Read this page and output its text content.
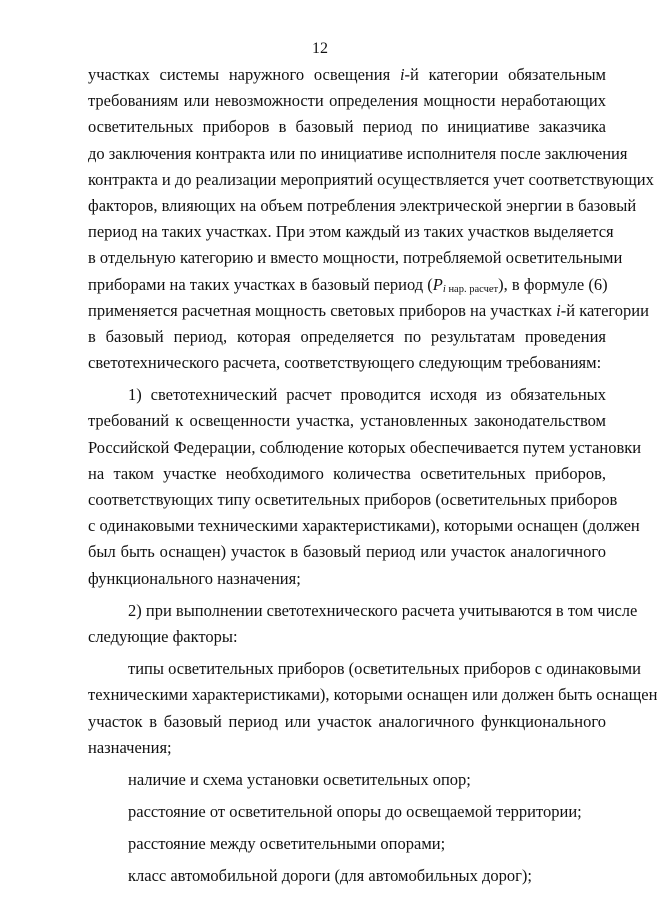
12
участках системы наружного освещения i-й категории обязательным
требованиям или невозможности определения мощности неработающих
осветительных приборов в базовый период по инициативе заказчика
до заключения контракта или по инициативе исполнителя после заключения
контракта и до реализации мероприятий осуществляется учет соответствующих
факторов, влияющих на объем потребления электрической энергии в базовый
период на таких участках. При этом каждый из таких участков выделяется
в отдельную категорию и вместо мощности, потребляемой осветительными
приборами на таких участках в базовый период (Pi нар. расчет), в формуле (6)
применяется расчетная мощность световых приборов на участках i-й категории
в базовый период, которая определяется по результатам проведения
светотехнического расчета, соответствующего следующим требованиям:
1) светотехнический расчет проводится исходя из обязательных
требований к освещенности участка, установленных законодательством
Российской Федерации, соблюдение которых обеспечивается путем установки
на таком участке необходимого количества осветительных приборов,
соответствующих типу осветительных приборов (осветительных приборов
с одинаковыми техническими характеристиками), которыми оснащен (должен
был быть оснащен) участок в базовый период или участок аналогичного
функционального назначения;
2) при выполнении светотехнического расчета учитываются в том числе
следующие факторы:
типы осветительных приборов (осветительных приборов с одинаковыми
техническими характеристиками), которыми оснащен или должен быть оснащен
участок в базовый период или участок аналогичного функционального
назначения;
наличие и схема установки осветительных опор;
расстояние от осветительной опоры до освещаемой территории;
расстояние между осветительными опорами;
класс автомобильной дороги (для автомобильных дорог);
